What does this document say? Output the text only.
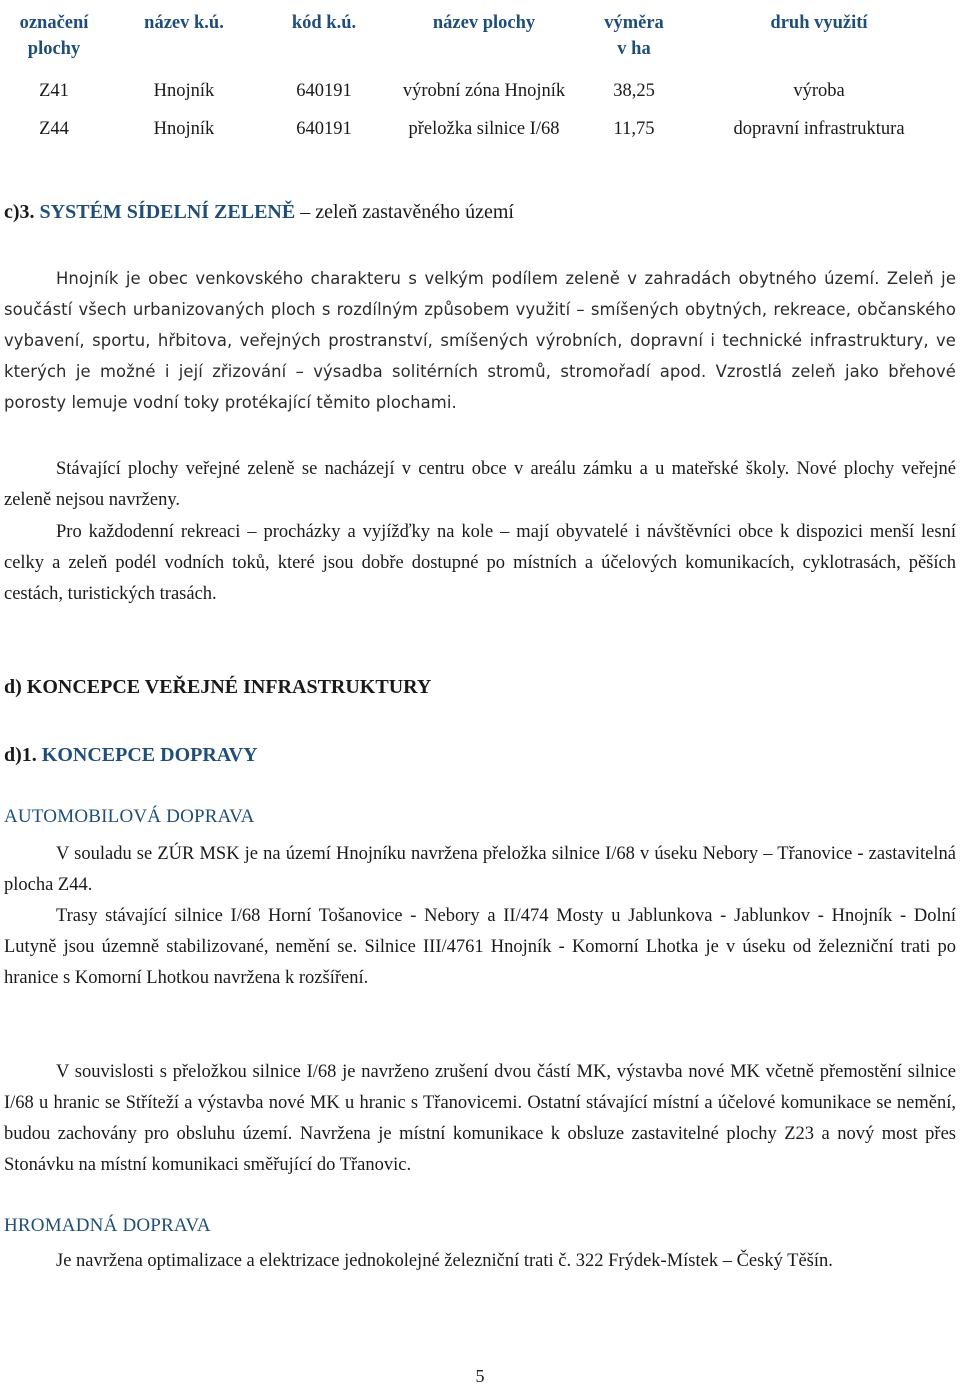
označení plochy	název k.ú.	kód k.ú.	název plochy	výměra v ha	druh využití
Z41	Hnojník	640191	výrobní zóna Hnojník	38,25	výroba
Z44	Hnojník	640191	přeložka silnice I/68	11,75	dopravní infrastruktura
c)3. SYSTÉM SÍDELNÍ ZELENĚ – zeleň zastavěného území

Hnojník je obec venkovského charakteru s velkým podílem zeleně v zahradách obytného území. Zeleň je součástí všech urbanizovaných ploch s rozdílným způsobem využití – smíšených obytných, rekreace, občanského vybavení, sportu, hřbitova, veřejných prostranství, smíšených výrobních, dopravní i technické infrastruktury, ve kterých je možné i její zřizování – výsadba solitérních stromů, stromořadí apod. Vzrostlá zeleň jako břehové porosty lemuje vodní toky protékající těmito plochami.

Stávající plochy veřejné zeleně se nacházejí v centru obce v areálu zámku a u mateřské školy. Nové plochy veřejné zeleně nejsou navrženy.

Pro každodenní rekreaci – procházky a vyjížďky na kole – mají obyvatelé i návštěvníci obce k dispozici menší lesní celky a zeleň podél vodních toků, které jsou dobře dostupné po místních a účelových komunikacích, cyklotrasách, pěších cestách, turistických trasách.

d) KONCEPCE VEŘEJNÉ INFRASTRUKTURY
d)1. KONCEPCE DOPRAVY
AUTOMOBILOVÁ DOPRAVA

V souladu se ZÚR MSK je na území Hnojníku navržena přeložka silnice I/68 v úseku Nebory – Třanovice - zastavitelná plocha Z44.

Trasy stávající silnice I/68 Horní Tošanovice - Nebory a II/474 Mosty u Jablunkova - Jablunkov - Hnojník - Dolní Lutyně jsou územně stabilizované, nemění se. Silnice III/4761 Hnojník - Komorní Lhotka je v úseku od železniční trati po hranice s Komorní Lhotkou navržena k rozšíření.

V souvislosti s přeložkou silnice I/68 je navrženo zrušení dvou částí MK, výstavba nové MK včetně přemostění silnice I/68 u hranic se Stříteží a výstavba nové MK u hranic s Třanovicemi. Ostatní stávající místní a účelové komunikace se nemění, budou zachovány pro obsluhu území. Navržena je místní komunikace k obsluze zastavitelné plochy Z23 a nový most přes Stonávku na místní komunikaci směřující do Třanovic.

HROMADNÁ DOPRAVA

Je navržena optimalizace a elektrizace jednokolejné železniční trati č. 322 Frýdek-Místek – Český Těšín.

5
